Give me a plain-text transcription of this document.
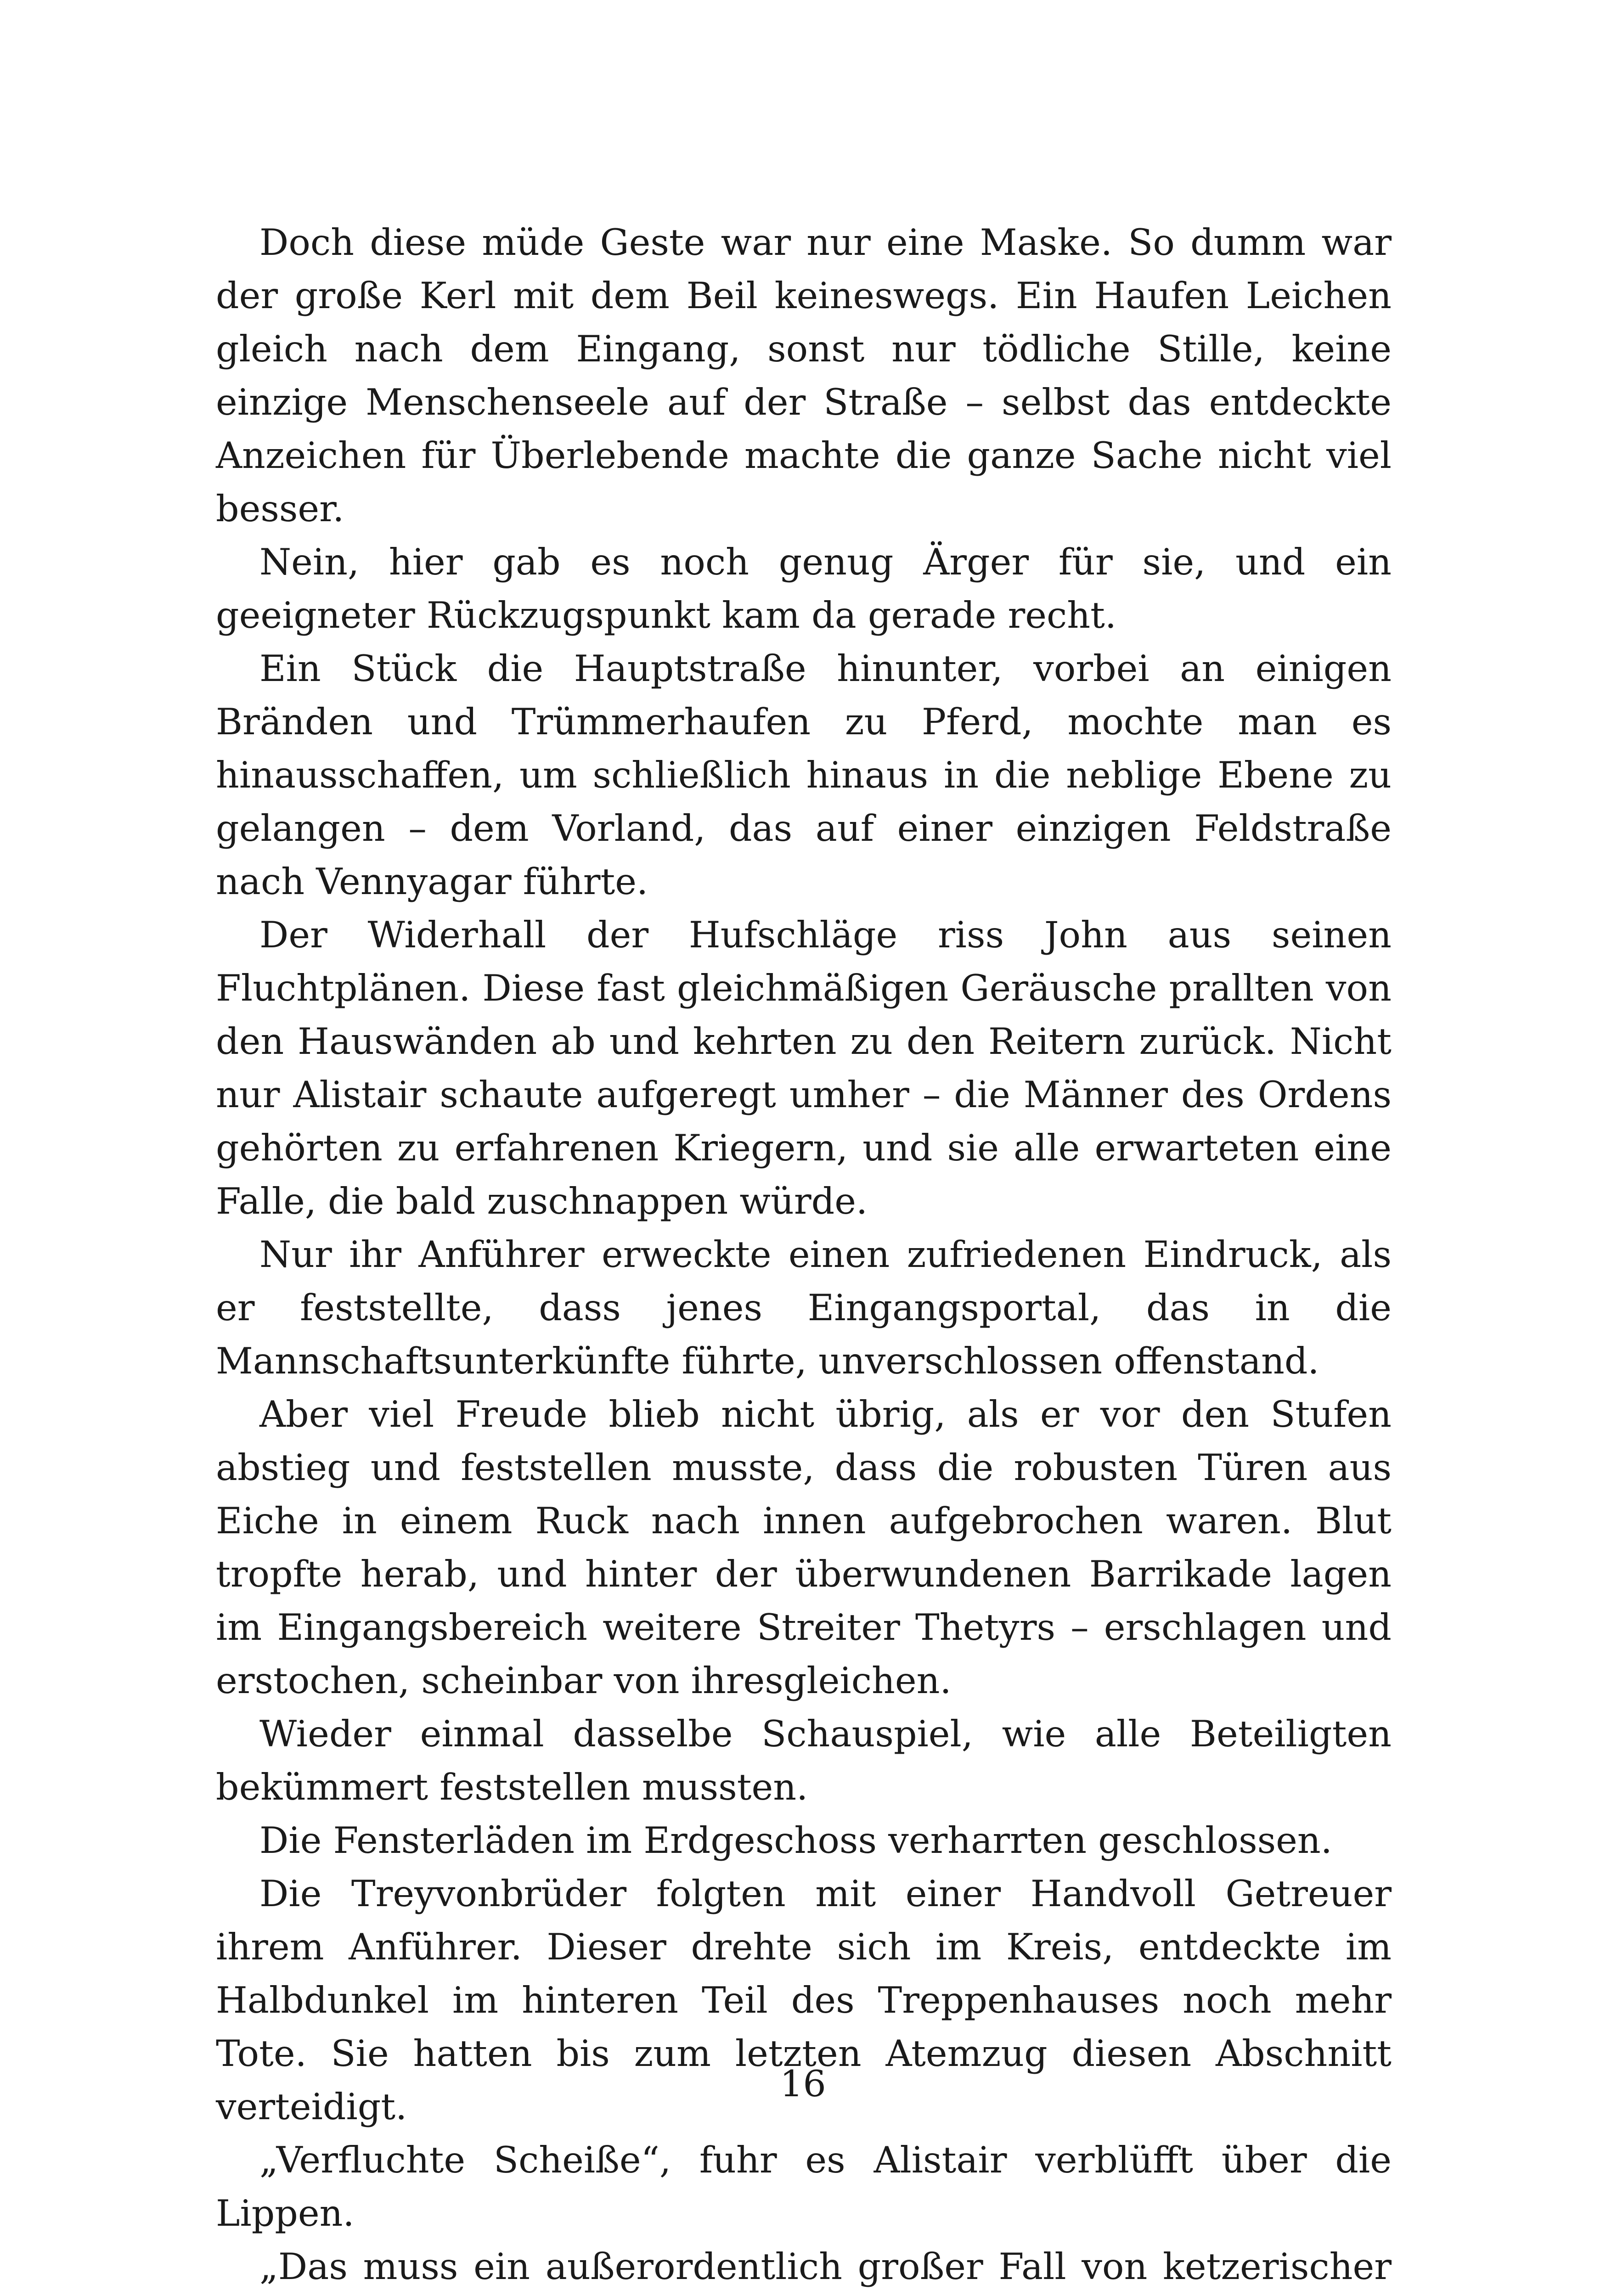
Doch diese müde Geste war nur eine Maske. So dumm war der große Kerl mit dem Beil keineswegs. Ein Haufen Leichen gleich nach dem Eingang, sonst nur tödliche Stille, keine einzige Menschenseele auf der Straße – selbst das entdeckte Anzeichen für Überlebende machte die ganze Sache nicht viel besser.

Nein, hier gab es noch genug Ärger für sie, und ein geeigneter Rückzugspunkt kam da gerade recht.

Ein Stück die Hauptstraße hinunter, vorbei an einigen Bränden und Trümmerhaufen zu Pferd, mochte man es hinausschaffen, um schließlich hinaus in die neblige Ebene zu gelangen – dem Vorland, das auf einer einzigen Feldstraße nach Vennyagar führte.

Der Widerhall der Hufschläge riss John aus seinen Fluchtplänen. Diese fast gleichmäßigen Geräusche prallten von den Hauswänden ab und kehrten zu den Reitern zurück. Nicht nur Alistair schaute aufgeregt umher – die Männer des Ordens gehörten zu erfahrenen Kriegern, und sie alle erwarteten eine Falle, die bald zuschnappen würde.

Nur ihr Anführer erweckte einen zufriedenen Eindruck, als er feststellte, dass jenes Eingangsportal, das in die Mannschaftsunterkünfte führte, unverschlossen offenstand.

Aber viel Freude blieb nicht übrig, als er vor den Stufen abstieg und feststellen musste, dass die robusten Türen aus Eiche in einem Ruck nach innen aufgebrochen waren. Blut tropfte herab, und hinter der überwundenen Barrikade lagen im Eingangsbereich weitere Streiter Thetyrs – erschlagen und erstochen, scheinbar von ihresgleichen.

Wieder einmal dasselbe Schauspiel, wie alle Beteiligten bekümmert feststellen mussten.

Die Fensterläden im Erdgeschoss verharrten geschlossen.

Die Treyvonbrüder folgten mit einer Handvoll Getreuer ihrem Anführer. Dieser drehte sich im Kreis, entdeckte im Halbdunkel im hinteren Teil des Treppenhauses noch mehr Tote. Sie hatten bis zum letzten Atemzug diesen Abschnitt verteidigt.

„Verfluchte Scheiße“, fuhr es Alistair verblüfft über die Lippen.

„Das muss ein außerordentlich großer Fall von ketzerischer

16
